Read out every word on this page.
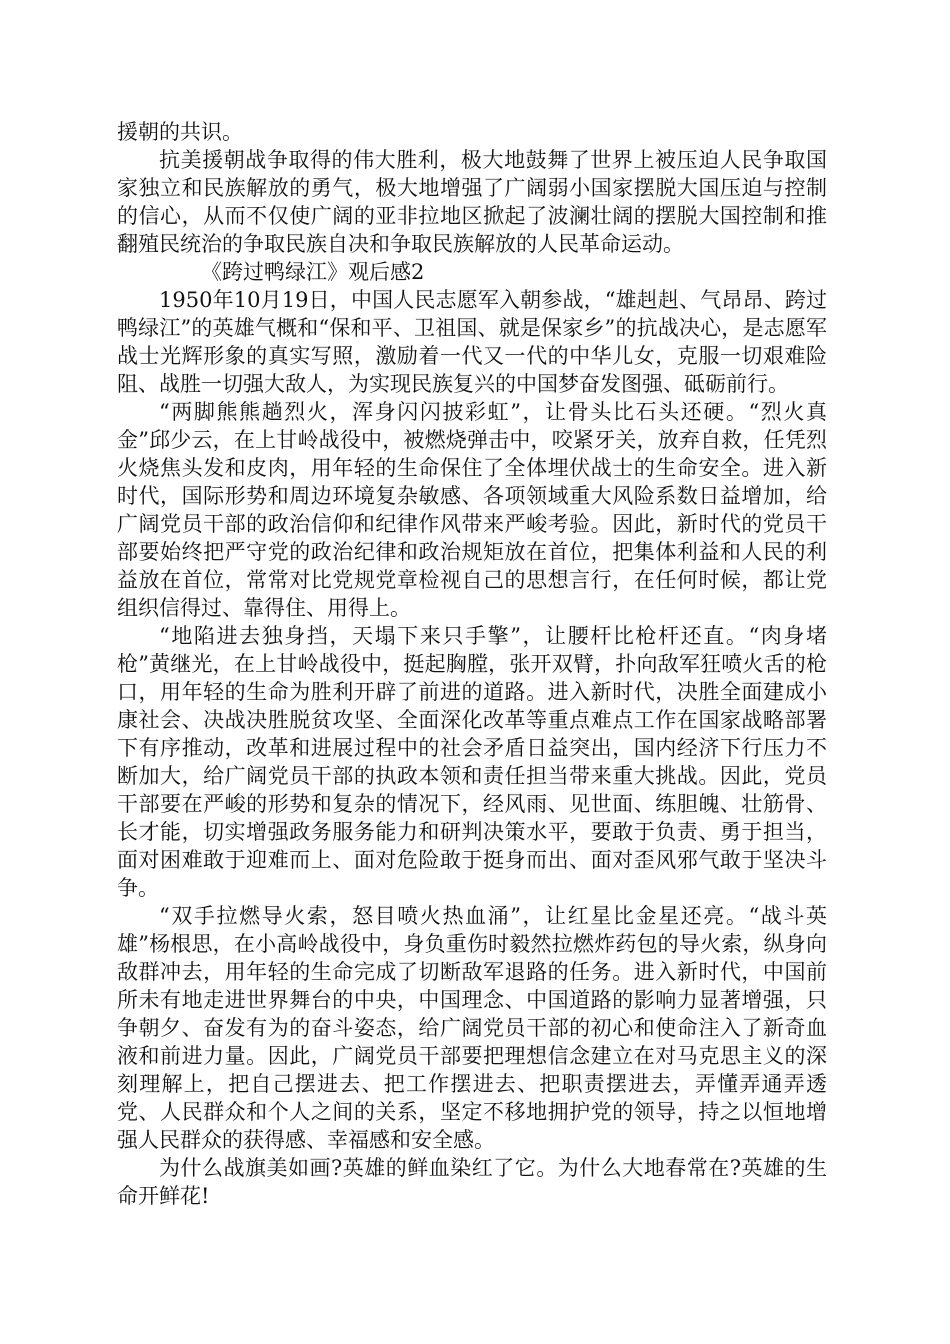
援朝的共识。

抗美援朝战争取得的伟大胜利，极大地鼓舞了世界上被压迫人民争取国家独立和民族解放的勇气，极大地增强了广阔弱小国家摆脱大国压迫与控制的信心，从而不仅使广阔的亚非拉地区掀起了波澜壮阔的摆脱大国控制和推翻殖民统治的争取民族自决和争取民族解放的人民革命运动。

《跨过鸭绿江》观后感2

1950年10月19日，中国人民志愿军入朝参战，“雄赳赳、气昂昂、跨过鸭绿江”的英雄气概和“保和平、卫祖国、就是保家乡”的抗战决心，是志愿军战士光辉形象的真实写照，激励着一代又一代的中华儿女，克服一切艰难险阻、战胜一切强大敌人，为实现民族复兴的中国梦奋发图强、砥砺前行。

“两脚熊熊趟烈火，浑身闪闪披彩虹”，让骨头比石头还硬。“烈火真金”邱少云，在上甘岭战役中，被燃烧弹击中，咬紧牙关，放弃自救，任凭烈火烧焦头发和皮肉，用年轻的生命保住了全体埋伏战士的生命安全。进入新时代，国际形势和周边环境复杂敏感、各项领域重大风险系数日益增加，给广阔党员干部的政治信仰和纪律作风带来严峻考验。因此，新时代的党员干部要始终把严守党的政治纪律和政治规矩放在首位，把集体利益和人民的利益放在首位，常常对比党规党章检视自己的思想言行，在任何时候，都让党组织信得过、靠得住、用得上。

“地陷进去独身挡，天塌下来只手擎”，让腰杆比枪杆还直。“肉身堵枪”黄继光，在上甘岭战役中，挺起胸膛，张开双臂，扑向敌军狂喷火舌的枪口，用年轻的生命为胜利开辟了前进的道路。进入新时代，决胜全面建成小康社会、决战决胜脱贫攻坚、全面深化改革等重点难点工作在国家战略部署下有序推动，改革和进展过程中的社会矛盾日益突出，国内经济下行压力不断加大，给广阔党员干部的执政本领和责任担当带来重大挑战。因此，党员干部要在严峻的形势和复杂的情况下，经风雨、见世面、练胆魄、壮筋骨、长才能，切实增强政务服务能力和研判决策水平，要敢于负责、勇于担当，面对困难敢于迎难而上、面对危险敢于挺身而出、面对歪风邪气敢于坚决斗争。

“双手拉燃导火索，怒目喷火热血涌”，让红星比金星还亮。“战斗英雄”杨根思，在小高岭战役中，身负重伤时毅然拉燃炸药包的导火索，纵身向敌群冲去，用年轻的生命完成了切断敌军退路的任务。进入新时代，中国前所未有地走进世界舞台的中央，中国理念、中国道路的影响力显著增强，只争朝夕、奋发有为的奋斗姿态，给广阔党员干部的初心和使命注入了新奇血液和前进力量。因此，广阔党员干部要把理想信念建立在对马克思主义的深刻理解上，把自己摆进去、把工作摆进去、把职责摆进去，弄懂弄通弄透党、人民群众和个人之间的关系，坚定不移地拥护党的领导，持之以恒地增强人民群众的获得感、幸福感和安全感。

为什么战旗美如画?英雄的鲜血染红了它。为什么大地春常在?英雄的生命开鲜花!
